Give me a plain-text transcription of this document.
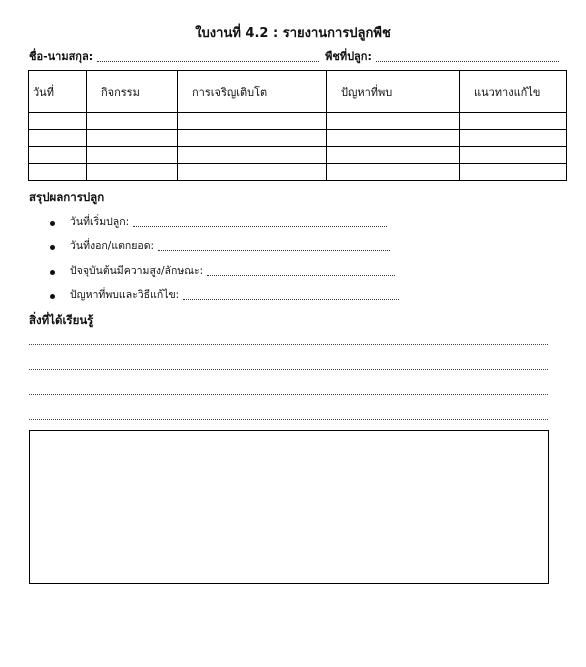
ใบงานที่ 4.2 : รายงานการปลูกพืช
ชื่อ-นามสกุล:	พืชที่ปลูก:
วันที่	กิจกรรม	การเจริญเติบโต	ปัญหาที่พบ	แนวทางแก้ไข

สรุปผลการปลูก
วันที่เริ่มปลูก:
วันที่งอก/แตกยอด:
ปัจจุบันต้นมีความสูง/ลักษณะ:
ปัญหาที่พบและวิธีแก้ไข:
สิ่งที่ได้เรียนรู้
